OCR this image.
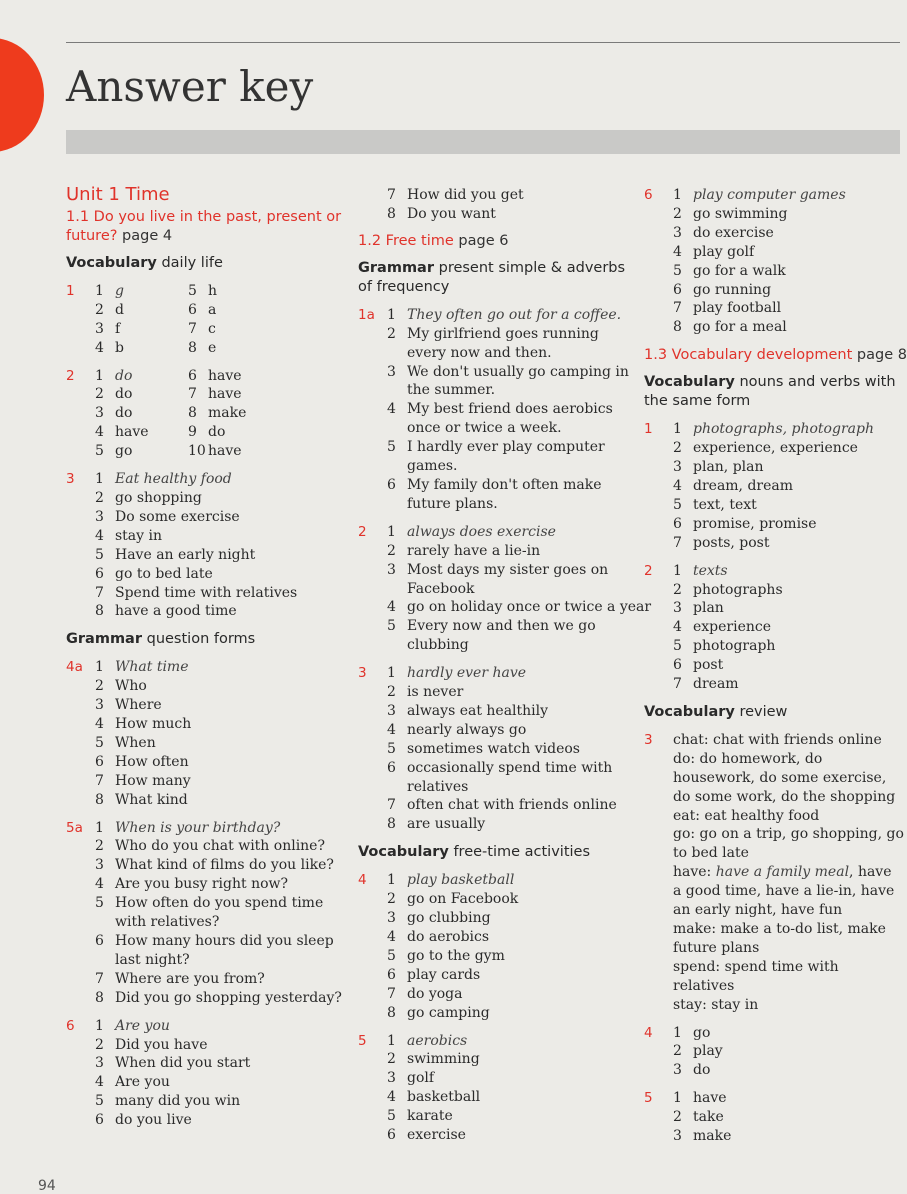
Answer key
Unit 1 Time
1.1 Do you live in the past, present or future? page 4
Vocabulary daily life
1 1 g
2 d
3 f
4 b
5 h
6 a
7 c
8 e
2 1 do
2 do
3 do
4 have
5 go
6 have
7 have
8 make
9 do
10 have
3 1 Eat healthy food
2 go shopping
3 Do some exercise
4 stay in
5 Have an early night
6 go to bed late
7 Spend time with relatives
8 have a good time
Grammar question forms
4a 1 What time
2 Who
3 Where
4 How much
5 When
6 How often
7 How many
8 What kind
5a 1 When is your birthday?
2 Who do you chat with online?
3 What kind of films do you like?
4 Are you busy right now?
5 How often do you spend time with relatives?
6 How many hours did you sleep last night?
7 Where are you from?
8 Did you go shopping yesterday?
6 1 Are you
2 Did you have
3 When did you start
4 Are you
5 many did you win
6 do you live
7 How did you get
8 Do you want
1.2 Free time page 6
Grammar present simple & adverbs of frequency
1a 1 They often go out for a coffee.
2 My girlfriend goes running every now and then.
3 We don't usually go camping in the summer.
4 My best friend does aerobics once or twice a week.
5 I hardly ever play computer games.
6 My family don't often make future plans.
2 1 always does exercise
2 rarely have a lie-in
3 Most days my sister goes on Facebook
4 go on holiday once or twice a year
5 Every now and then we go clubbing
3 1 hardly ever have
2 is never
3 always eat healthily
4 nearly always go
5 sometimes watch videos
6 occasionally spend time with relatives
7 often chat with friends online
8 are usually
Vocabulary free-time activities
4 1 play basketball
2 go on Facebook
3 go clubbing
4 do aerobics
5 go to the gym
6 play cards
7 do yoga
8 go camping
5 1 aerobics
2 swimming
3 golf
4 basketball
5 karate
6 exercise
6 1 play computer games
2 go swimming
3 do exercise
4 play golf
5 go for a walk
6 go running
7 play football
8 go for a meal
1.3 Vocabulary development page 8
Vocabulary nouns and verbs with the same form
1 1 photographs, photograph
2 experience, experience
3 plan, plan
4 dream, dream
5 text, text
6 promise, promise
7 posts, post
2 1 texts
2 photographs
3 plan
4 experience
5 photograph
6 post
7 dream
Vocabulary review
3 chat: chat with friends online
do: do homework, do housework, do some exercise, do some work, do the shopping
eat: eat healthy food
go: go on a trip, go shopping, go to bed late
have: have a family meal, have a good time, have a lie-in, have an early night, have fun
make: make a to-do list, make future plans
spend: spend time with relatives
stay: stay in
4 1 go
2 play
3 do
5 1 have
2 take
3 make
94
